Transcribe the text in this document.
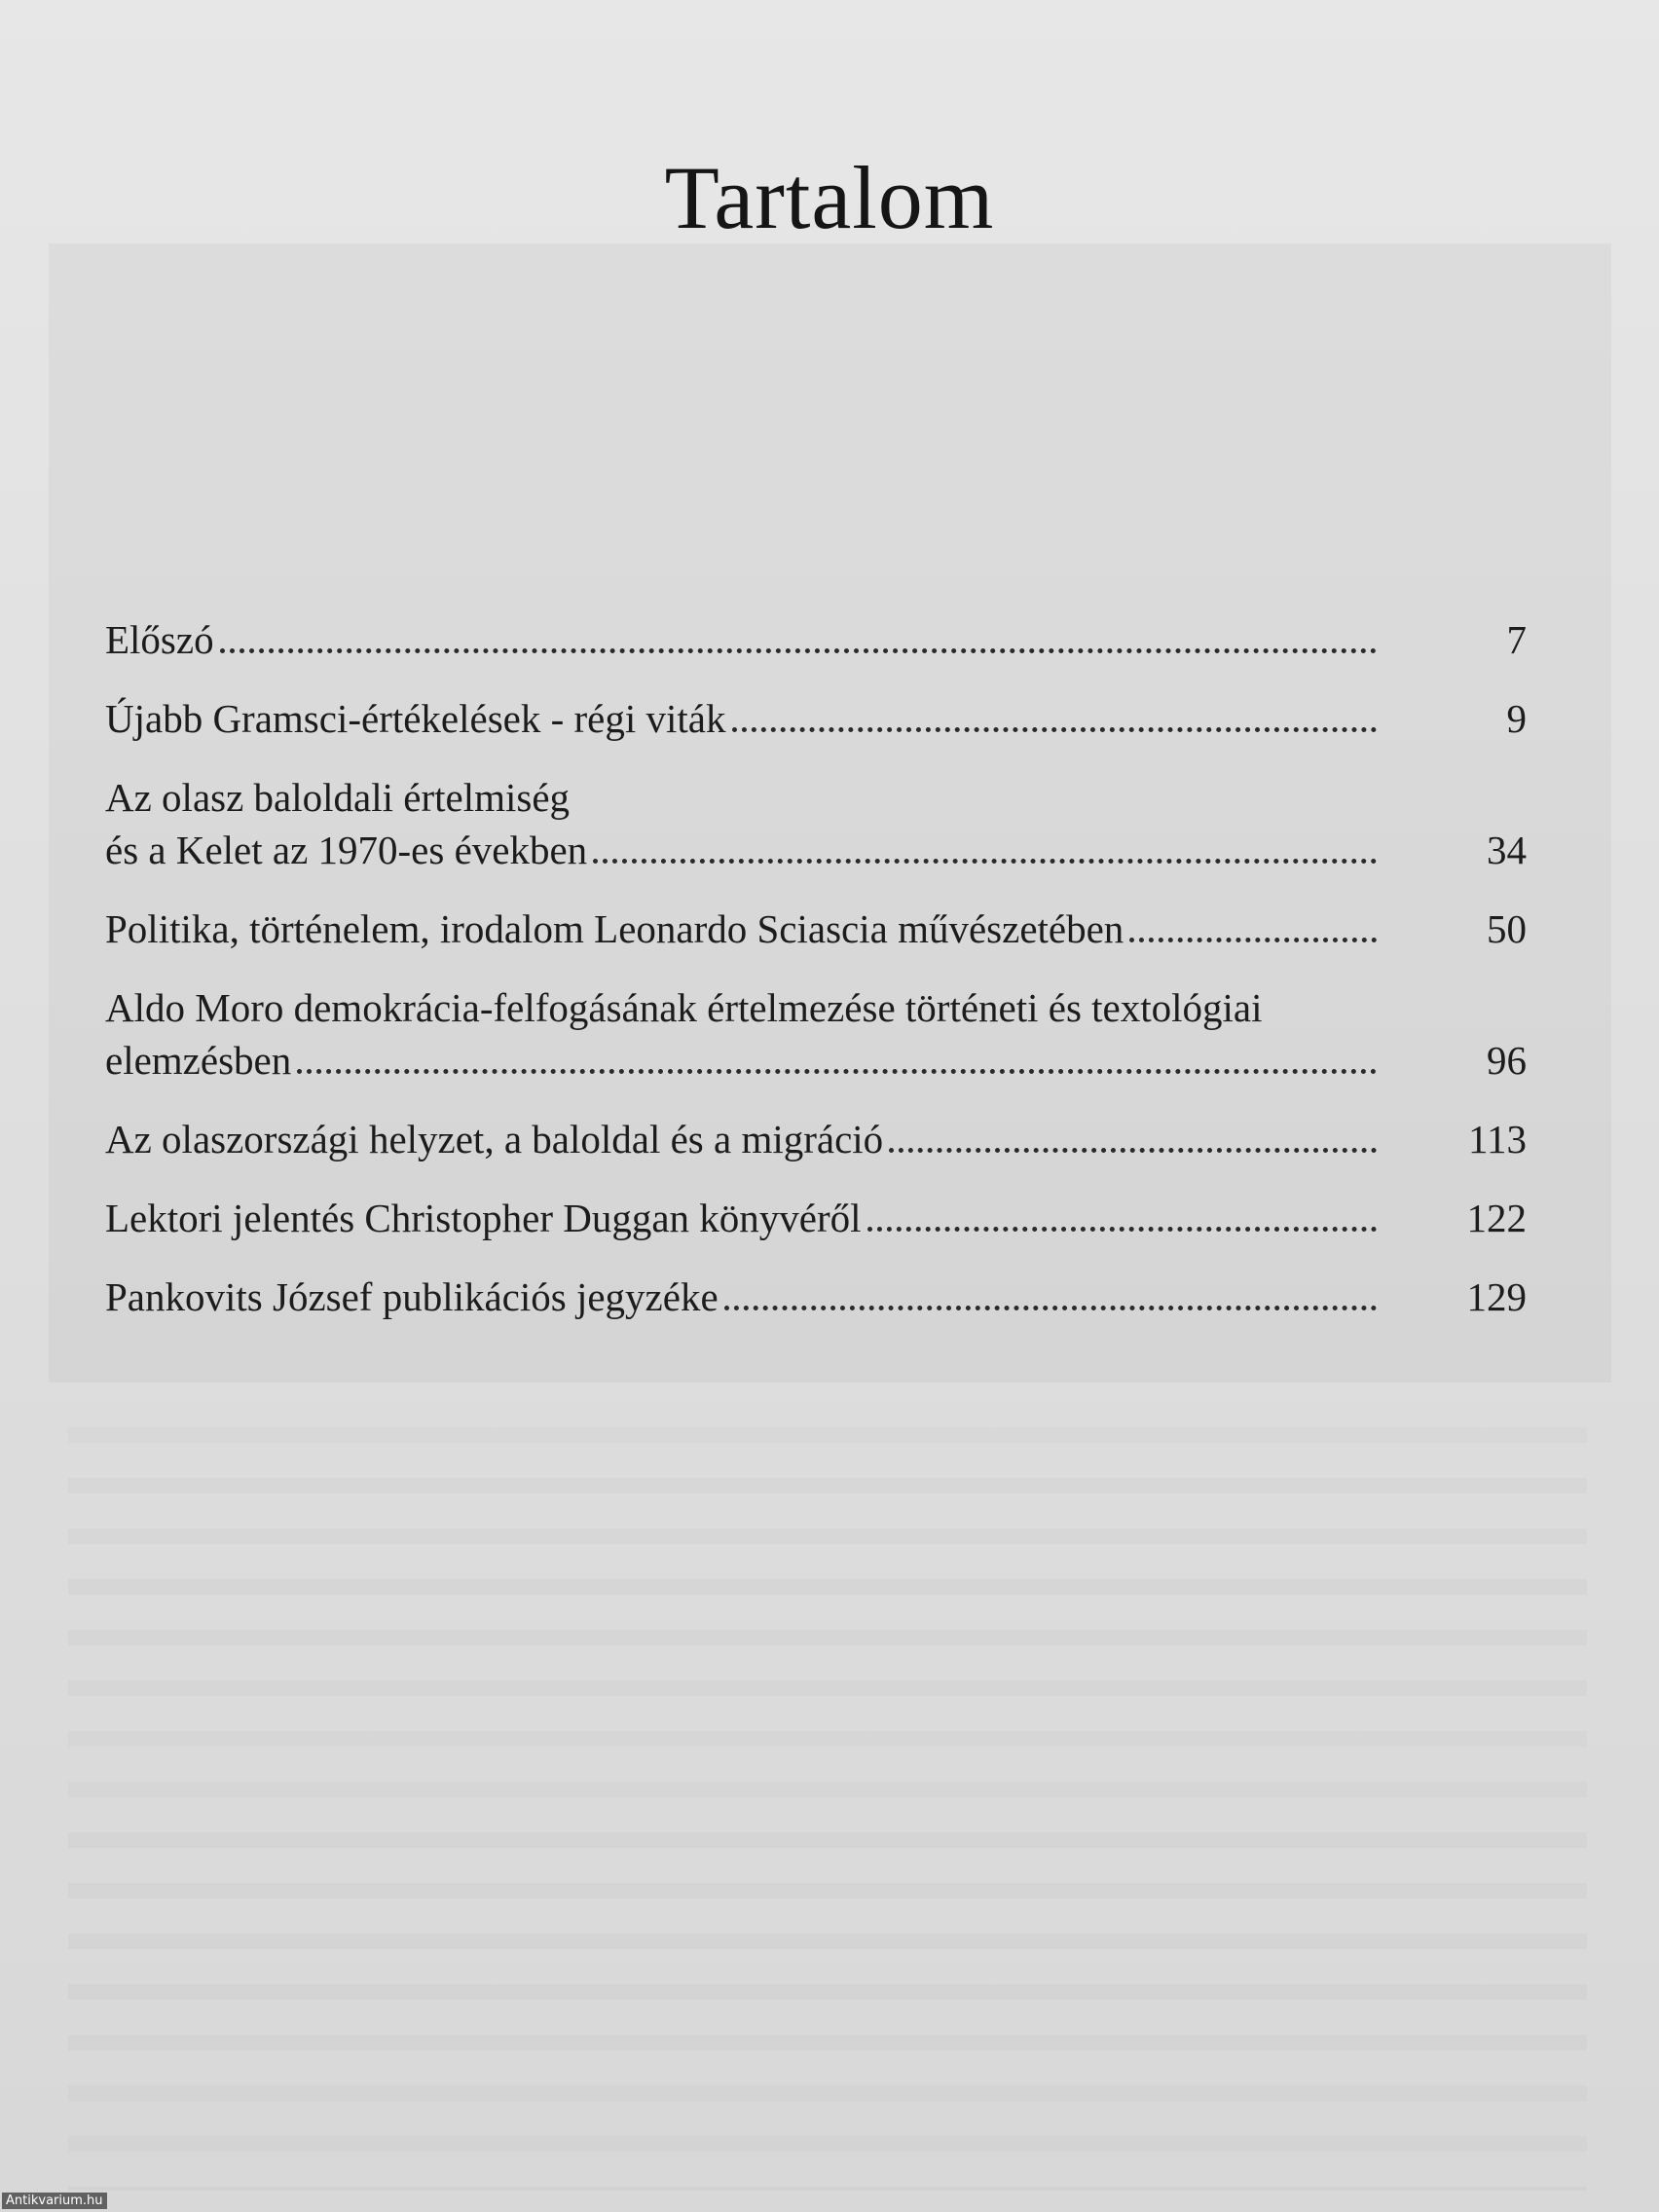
Tartalom
Előszó	7
Újabb Gramsci-értékelések - régi viták	9
Az olasz baloldali értelmiség
és a Kelet az 1970-es években	34
Politika, történelem, irodalom Leonardo Sciascia művészetében	50
Aldo Moro demokrácia-felfogásának értelmezése történeti és textológiai
elemzésben	96
Az olaszországi helyzet, a baloldal és a migráció	113
Lektori jelentés Christopher Duggan könyvéről	122
Pankovits József publikációs jegyzéke	129
Antikvarium.hu
